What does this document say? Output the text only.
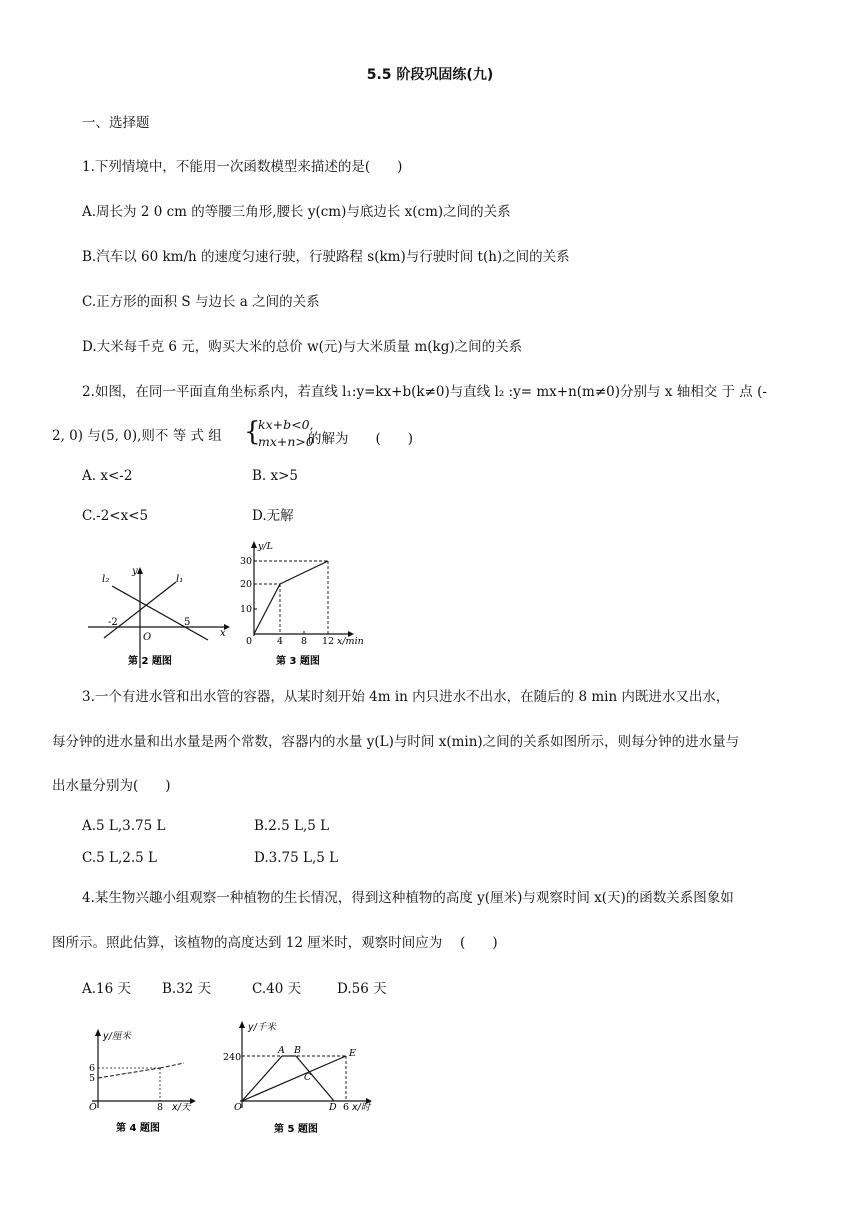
5.5 阶段巩固练(九)
一、选择题
1.下列情境中，不能用一次函数模型来描述的是(　　)
A.周长为 2 0 cm 的等腰三角形,腰长 y(cm)与底边长 x(cm)之间的关系
B.汽车以 60 km/h 的速度匀速行驶，行驶路程 s(km)与行驶时间 t(h)之间的关系
C.正方形的面积 S 与边长 a 之间的关系
D.大米每千克 6 元，购买大米的总价 w(元)与大米质量 m(kg)之间的关系
2.如图，在同一平面直角坐标系内，若直线 l₁:y=kx+b(k≠0)与直线 l₂ :y= mx+n(m≠0)分别与 x 轴相交 于 点 (-
2, 0) 与(5, 0),则不 等 式 组 {
kx+b<0,
mx+n>0
的解为　　(　　)
A. x<-2	B. x>5
C.-2<x<5	D.无解
y
x
l₂	l₁
O
-2	5
第 2 题图
y/L
x/min
30
20
10
0	4 8 12
第 3 题图
3.一个有进水管和出水管的容器，从某时刻开始 4m in 内只进水不出水，在随后的 8 min 内既进水又出水，
每分钟的进水量和出水量是两个常数，容器内的水量 y(L)与时间 x(min)之间的关系如图所示，则每分钟的进水量与
出水量分别为(　　)
A.5 L,3.75 L	B.2.5 L,5 L
C.5 L,2.5 L	D.3.75 L,5 L
4.某生物兴趣小组观察一种植物的生长情况，得到这种植物的高度 y(厘米)与观察时间 x(天)的函数关系图象如
图所示。照此估算，该植物的高度达到 12 厘米时，观察时间应为　 (　　)
A.16 天 B.32 天	C.40 天	D.56 天
y/厘米
x/天
6
5
O	8
第 4 题图
y/千米
x/时
240
O
A B
C
D
E
6
第 5 题图
